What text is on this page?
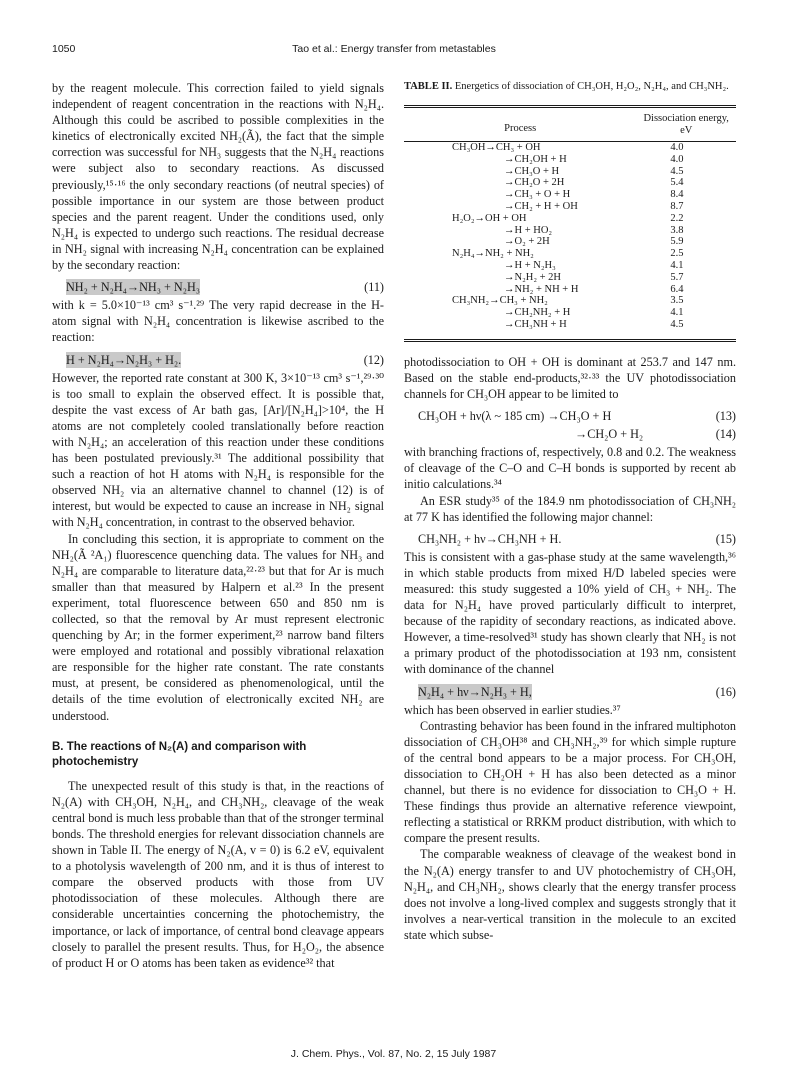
1050	Tao et al.: Energy transfer from metastables

by the reagent molecule. This correction failed to yield signals independent of reagent concentration in the reactions with N₂H₄. Although this could be ascribed to possible complexities in the kinetics of electronically excited NH₂(Ã), the fact that the simple correction was successful for NH₃ suggests that the N₂H₄ reactions were subject also to secondary reactions. As discussed previously,¹⁵·¹⁶ the only secondary reactions (of neutral species) of possible importance in our system are those between product species and the parent reagent. Under the conditions used, only N₂H₄ is expected to undergo such reactions. The residual decrease in NH₂ signal with increasing N₂H₄ concentration can be explained by the secondary reaction:

NH₂ + N₂H₄→NH₃ + N₂H₃	(11)

with k = 5.0×10⁻¹³ cm³ s⁻¹.²⁹ The very rapid decrease in the H-atom signal with N₂H₄ concentration is likewise ascribed to the reaction:

H + N₂H₄→N₂H₃ + H₂.	(12)

However, the reported rate constant at 300 K, 3×10⁻¹³ cm³ s⁻¹,²⁹·³⁰ is too small to explain the observed effect. It is possible that, despite the vast excess of Ar bath gas, [Ar]/[N₂H₄]>10⁴, the H atoms are not completely cooled translationally before reaction with N₂H₄; an acceleration of this reaction under these conditions has been postulated previously.³¹ The additional possibility that such a reaction of hot H atoms with N₂H₄ is responsible for the observed NH₂ via an alternative channel to channel (12) is of interest, but would be expected to cause an increase in NH₂ signal with N₂H₄ concentration, in contrast to the observed behavior.

In concluding this section, it is appropriate to comment on the NH₂(Ã ²A₁) fluorescence quenching data. The values for NH₃ and N₂H₄ are comparable to literature data,²²·²³ but that for Ar is much smaller than that measured by Halpern et al.²³ In the present experiment, total fluorescence between 650 and 850 nm is collected, so that the removal by Ar must represent electronic quenching by Ar; in the former experiment,²³ narrow band filters were employed and rotational and possibly vibrational relaxation are responsible for the higher rate constant. The rate constants must, at present, be considered as phenomenological, until the details of the time evolution of electronically excited NH₂ are understood.

B. The reactions of N₂(A) and comparison with photochemistry

The unexpected result of this study is that, in the reactions of N₂(A) with CH₃OH, N₂H₄, and CH₃NH₂, cleavage of the weak central bond is much less probable than that of the stronger terminal bonds. The threshold energies for relevant dissociation channels are shown in Table II. The energy of N₂(A, v = 0) is 6.2 eV, equivalent to a photolysis wavelength of 200 nm, and it is thus of interest to compare the observed products with those from UV photodissociation of these molecules. Although there are considerable uncertainties concerning the photochemistry, the importance, or lack of importance, of central bond cleavage appears closely to parallel the present results. Thus, for H₂O₂, the absence of product H or O atoms has been taken as evidence³² that

TABLE II. Energetics of dissociation of CH₃OH, H₂O₂, N₂H₄, and CH₃NH₂.
Process	Dissociation energy, eV
CH₃OH→CH₃ + OH	4.0
→CH₂OH + H	4.0
→CH₃O + H	4.5
→CH₂O + 2H	5.4
→CH₃ + O + H	8.4
→CH₂ + H + OH	8.7
H₂O₂→OH + OH	2.2
→H + HO₂	3.8
→O₂ + 2H	5.9
N₂H₄→NH₂ + NH₂	2.5
→H + N₂H₃	4.1
→N₂H₂ + 2H	5.7
→NH₂ + NH + H	6.4
CH₃NH₂→CH₃ + NH₂	3.5
→CH₂NH₂ + H	4.1
→CH₃NH + H	4.5

photodissociation to OH + OH is dominant at 253.7 and 147 nm. Based on the stable end-products,³²·³³ the UV photodissociation channels for CH₃OH appear to be limited to

CH₃OH + hν(λ ~ 185 cm) →CH₃O + H	(13)
→CH₂O + H₂	(14)

with branching fractions of, respectively, 0.8 and 0.2. The weakness of cleavage of the C–O and C–H bonds is supported by recent ab initio calculations.³⁴

An ESR study³⁵ of the 184.9 nm photodissociation of CH₃NH₂ at 77 K has identified the following major channel:

CH₃NH₂ + hν→CH₃NH + H.	(15)

This is consistent with a gas-phase study at the same wavelength,³⁶ in which stable products from mixed H/D labeled species were measured: this study suggested a 10% yield of CH₃ + NH₂. The data for N₂H₄ have proved particularly difficult to interpret, because of the rapidity of secondary reactions, as indicated above. However, a time-resolved³¹ study has shown clearly that NH₂ is not a primary product of the photodissociation at 193 nm, consistent with dominance of the channel

N₂H₄ + hν→N₂H₃ + H,	(16)

which has been observed in earlier studies.³⁷

Contrasting behavior has been found in the infrared multiphoton dissociation of CH₃OH³⁸ and CH₃NH₂,³⁹ for which simple rupture of the central bond appears to be a major process. For CH₃OH, dissociation to CH₂OH + H has also been detected as a minor channel, but there is no evidence for dissociation to CH₃O + H. These findings thus provide an alternative reference viewpoint, reflecting a statistical or RRKM product distribution, with which to compare the present results.

The comparable weakness of cleavage of the weakest bond in the N₂(A) energy transfer to and UV photochemistry of CH₃OH, N₂H₄, and CH₃NH₂, shows clearly that the energy transfer process does not involve a long-lived complex and suggests strongly that it involves a near-vertical transition in the molecule to an excited state which subse-

J. Chem. Phys., Vol. 87, No. 2, 15 July 1987
